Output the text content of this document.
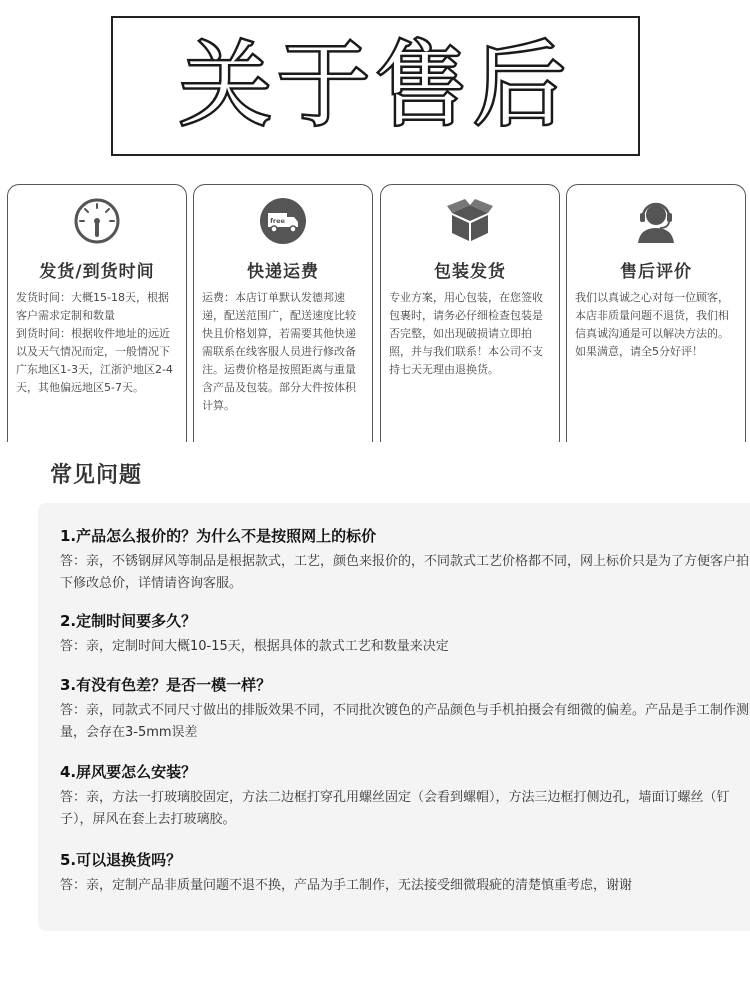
关于售后
发货/到货时间
发货时间：大概15-18天，根据客户需求定制和数量
到货时间：根据收件地址的远近以及天气情况而定，一般情况下广东地区1-3天，江浙沪地区2-4天，其他偏远地区5-7天。
free
快递运费
运费：本店订单默认发德邦速递，配送范围广，配送速度比较快且价格划算，若需要其他快递需联系在线客服人员进行修改备注。运费价格是按照距离与重量含产品及包装。部分大件按体积计算。
包装发货
专业方案，用心包装，在您签收包裹时，请务必仔细检查包装是否完整，如出现破损请立即拍照，并与我们联系！本公司不支持七天无理由退换货。
售后评价
我们以真诚之心对每一位顾客，本店非质量问题不退货，我们相信真诚沟通是可以解决方法的。如果满意，请全5分好评！
常见问题
1.产品怎么报价的？为什么不是按照网上的标价
答：亲，不锈钢屏风等制品是根据款式，工艺，颜色来报价的，不同款式工艺价格都不同，网上标价只是为了方便客户拍下修改总价，详情请咨询客服。
2.定制时间要多久？
答：亲，定制时间大概10-15天，根据具体的款式工艺和数量来决定
3.有没有色差？是否一模一样？
答：亲，同款式不同尺寸做出的排版效果不同，不同批次镀色的产品颜色与手机拍摄会有细微的偏差。产品是手工制作测量，会存在3-5mm误差
4.屏风要怎么安装？
答：亲，方法一打玻璃胶固定，方法二边框打穿孔用螺丝固定（会看到螺帽），方法三边框打侧边孔，墙面订螺丝（钉子），屏风在套上去打玻璃胶。
5.可以退换货吗？
答：亲，定制产品非质量问题不退不换，产品为手工制作，无法接受细微瑕疵的清楚慎重考虑，谢谢
